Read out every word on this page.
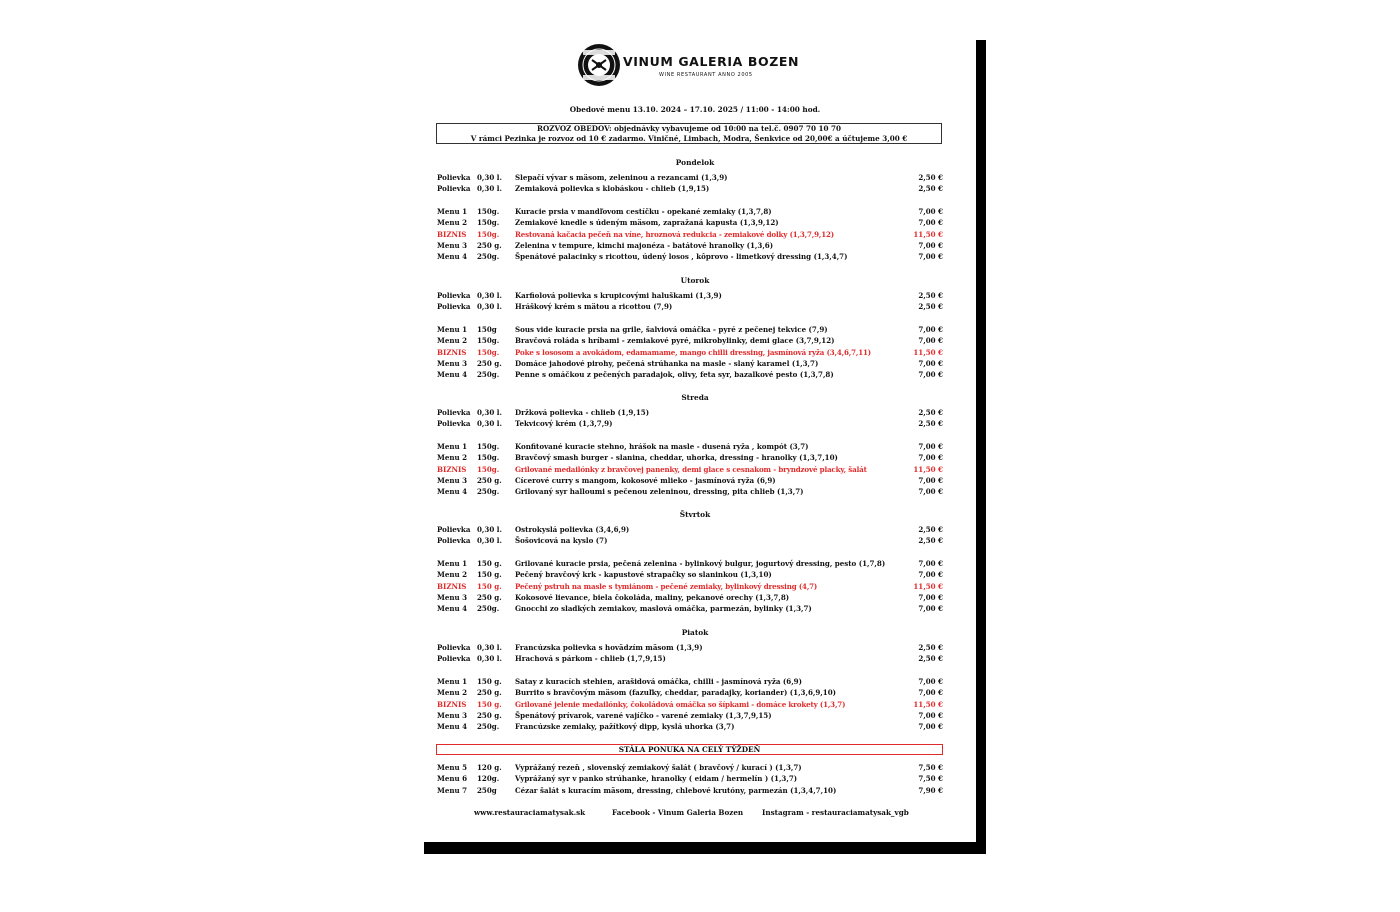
VINUM GALERIA BOZEN
WINE RESTAURANT ANNO 2005
Obedové menu 13.10. 2024 – 17.10. 2025 / 11:00 - 14:00 hod.
ROZVOZ OBEDOV: objednávky vybavujeme od 10:00 na tel.č. 0907 70 10 70
V rámci Pezinka je rozvoz od 10 € zadarmo. Viničné, Limbach, Modra, Šenkvice od 20,00€ a účtujeme 3,00 €
Pondelok
Polievka 0,30 l. Slepačí vývar s mäsom, zeleninou a rezancami (1,3,9)	2,50 €
Polievka 0,30 l. Zemiaková polievka s klobáskou - chlieb (1,9,15)	2,50 €
Menu 1 150g. Kuracie prsia v mandľovom cestíčku - opekané zemiaky (1,3,7,8)	7,00 €
Menu 2 150g. Zemiakové knedle s údeným mäsom, zapražaná kapusta (1,3,9,12)	7,00 €
BIZNIS 150g. Restovaná kačacia pečeň na víne, hroznová redukcia - zemiakové dolky (1,3,7,9,12)	11,50 €
Menu 3 250 g. Zelenina v tempure, kimchi majonéza - batátové hranolky (1,3,6)	7,00 €
Menu 4 250g. Špenátové palacinky s ricottou, údený losos , kôprovo - limetkový dressing (1,3,4,7)	7,00 €
Utorok
Polievka 0,30 l. Karfiolová polievka s krupicovými haluškami (1,3,9)	2,50 €
Polievka 0,30 l. Hráškový krém s mätou a ricottou (7,9)	2,50 €
Menu 1 150g	Sous vide kuracie prsia na grile, šalviová omáčka - pyré z pečenej tekvice (7,9)	7,00 €
Menu 2 150g. Bravčová roláda s hríbami - zemiakové pyré, mikrobylinky, demi glace (3,7,9,12)	7,00 €
BIZNIS 150g. Poke s lososom a avokádom, edamamame, mango chilli dressing, jasmínová ryža (3,4,6,7,11)	11,50 €
Menu 3 250 g. Domáce jahodové pirohy, pečená strúhanka na masle - slaný karamel (1,3,7)	7,00 €
Menu 4 250g. Penne s omáčkou z pečených paradajok, olivy, feta syr, bazalkové pesto (1,3,7,8)	7,00 €
Streda
Polievka 0,30 l. Držková polievka - chlieb (1,9,15)	2,50 €
Polievka 0,30 l. Tekvicový krém (1,3,7,9)	2,50 €
Menu 1 150g. Konfitované kuracie stehno, hrášok na masle - dusená ryža , kompót (3,7)	7,00 €
Menu 2 150g. Bravčový smash burger - slanina, cheddar, uhorka, dressing - hranolky (1,3,7,10)	7,00 €
BIZNIS 150g. Grilované medailónky z bravčovej panenky, demi glace s cesnakom - bryndzové placky, šalát	11,50 €
Menu 3 250 g. Cícerové curry s mangom, kokosové mlieko - jasmínová ryža (6,9)	7,00 €
Menu 4 250g. Grilovaný syr halloumi s pečenou zeleninou, dressing, pita chlieb (1,3,7)	7,00 €
Štvrtok
Polievka 0,30 l. Ostrokyslá polievka (3,4,6,9)	2,50 €
Polievka 0,30 l. Šošovicová na kyslo (7)	2,50 €
Menu 1 150 g. Grilované kuracie prsia, pečená zelenina - bylinkový bulgur, jogurtový dressing, pesto (1,7,8)	7,00 €
Menu 2 150 g. Pečený bravčový krk - kapustové strapačky so slaninkou (1,3,10)	7,00 €
BIZNIS 150 g. Pečený pstruh na masle s tymiánom - pečené zemiaky, bylinkový dressing (4,7)	11,50 €
Menu 3 250 g. Kokosové lievance, biela čokoláda, maliny, pekanové orechy (1,3,7,8)	7,00 €
Menu 4 250g. Gnocchi zo sladkých zemiakov, maslová omáčka, parmezán, bylinky (1,3,7)	7,00 €
Piatok
Polievka 0,30 l. Francúzska polievka s hovädzím mäsom (1,3,9)	2,50 €
Polievka 0,30 l. Hrachová s párkom - chlieb (1,7,9,15)	2,50 €
Menu 1 150 g. Satay z kuracích stehien, arašidová omáčka, chilli - jasmínová ryža (6,9)	7,00 €
Menu 2 250 g. Burrito s bravčovým mäsom (fazuľky, cheddar, paradajky, koriander) (1,3,6,9,10)	7,00 €
BIZNIS 150 g. Grilované jelenie medailónky, čokoládová omáčka so šípkami - domáce krokety (1,3,7)	11,50 €
Menu 3 250 g. Špenátový prívarok, varené vajíčko - varené zemiaky (1,3,7,9,15)	7,00 €
Menu 4 250g. Francúzske zemiaky, pažítkový dipp, kyslá uhorka (3,7)	7,00 €
STÁLA PONUKA NA CELÝ TÝŽDEŇ
Menu 5 120 g. Vyprážaný rezeň , slovenský zemiakový šalát ( bravčový / kurací ) (1,3,7)	7,50 €
Menu 6 120g. Vyprážaný syr v panko strúhanke, hranolky ( eidam / hermelín ) (1,3,7)	7,50 €
Menu 7 250g	Cézar šalát s kuracím mäsom, dressing, chlebové krutóny, parmezán (1,3,4,7,10)	7,90 €
www.restauraciamatysak.sk	Facebook - Vinum Galeria Bozen	Instagram - restauraciamatysak_vgb
